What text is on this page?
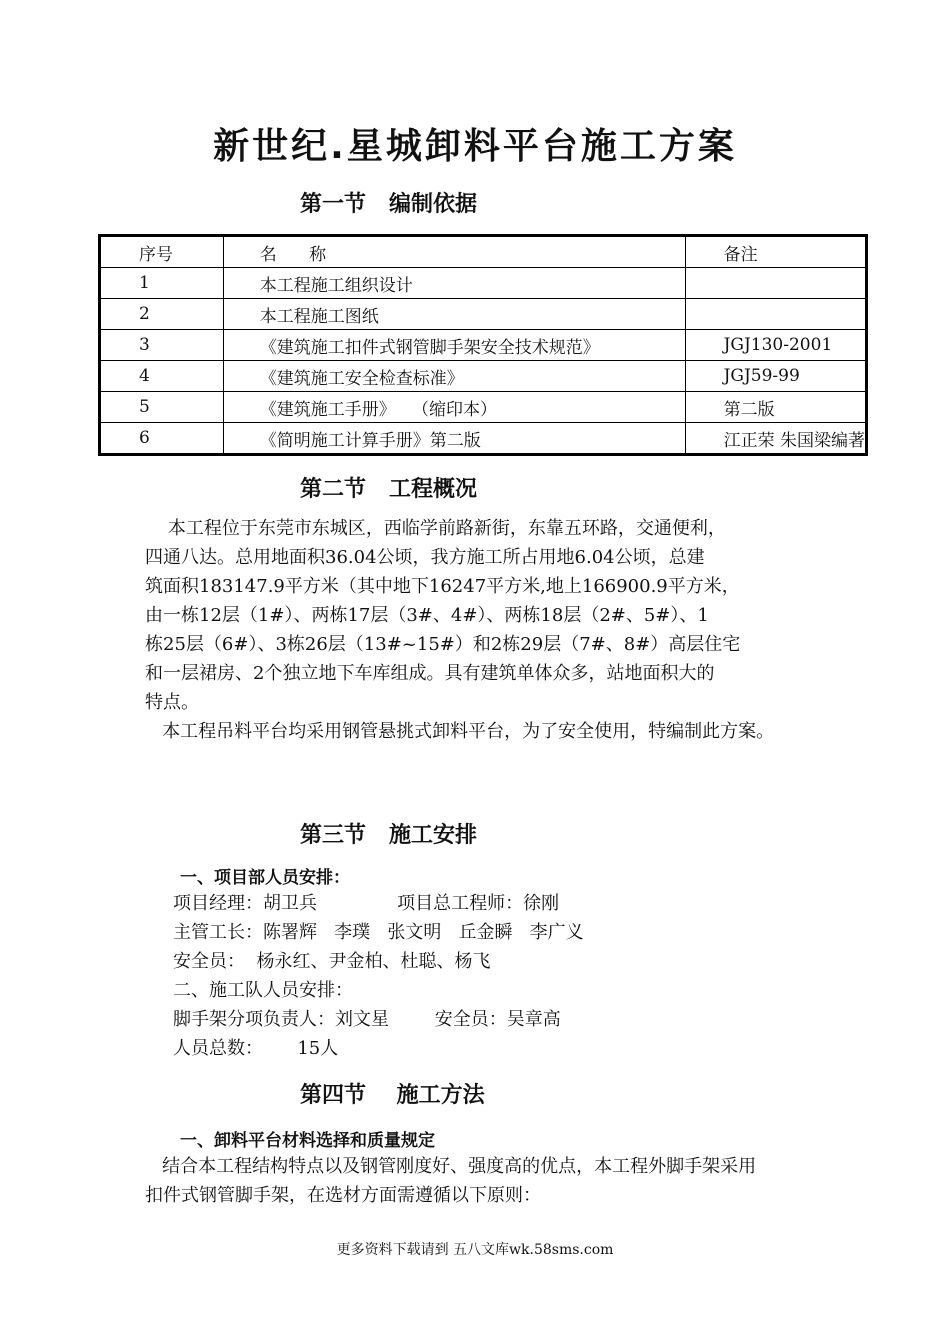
新世纪.星城卸料平台施工方案
第一节   编制依据
序号	名      称	备注
1	本工程施工组织设计	
2	本工程施工图纸	
3	《建筑施工扣件式钢管脚手架安全技术规范》	JGJ130-2001
4	《建筑施工安全检查标准》	JGJ59-99
5	《建筑施工手册》   （缩印本）	第二版
6	《简明施工计算手册》第二版	江正荣 朱国梁编著
第二节   工程概况
本工程位于东莞市东城区，西临学前路新街，东靠五环路，交通便利，
四通八达。总用地面积36.04公顷，我方施工所占用地6.04公顷，总建
筑面积183147.9平方米（其中地下16247平方米,地上166900.9平方米，
由一栋12层（1#）、两栋17层（3#、4#）、两栋18层（2#、5#）、1
栋25层（6#）、3栋26层（13#~15#）和2栋29层（7#、8#）高层住宅
和一层裙房、2个独立地下车库组成。具有建筑单体众多，站地面积大的
特点。
本工程吊料平台均采用钢管悬挑式卸料平台，为了安全使用，特编制此方案。
第三节   施工安排
一、项目部人员安排：
项目经理：胡卫兵              项目总工程师：徐刚
主管工长：陈署辉   李璞   张文明   丘金瞬   李广义
安全员：  杨永红、尹金柏、杜聪、杨飞
二、施工队人员安排：
脚手架分项负责人：刘文星        安全员：吴章高
人员总数：      15人
第四节    施工方法
一、卸料平台材料选择和质量规定
结合本工程结构特点以及钢管刚度好、强度高的优点，本工程外脚手架采用
扣件式钢管脚手架，在选材方面需遵循以下原则：
更多资料下载请到 五八文库wk.58sms.com
